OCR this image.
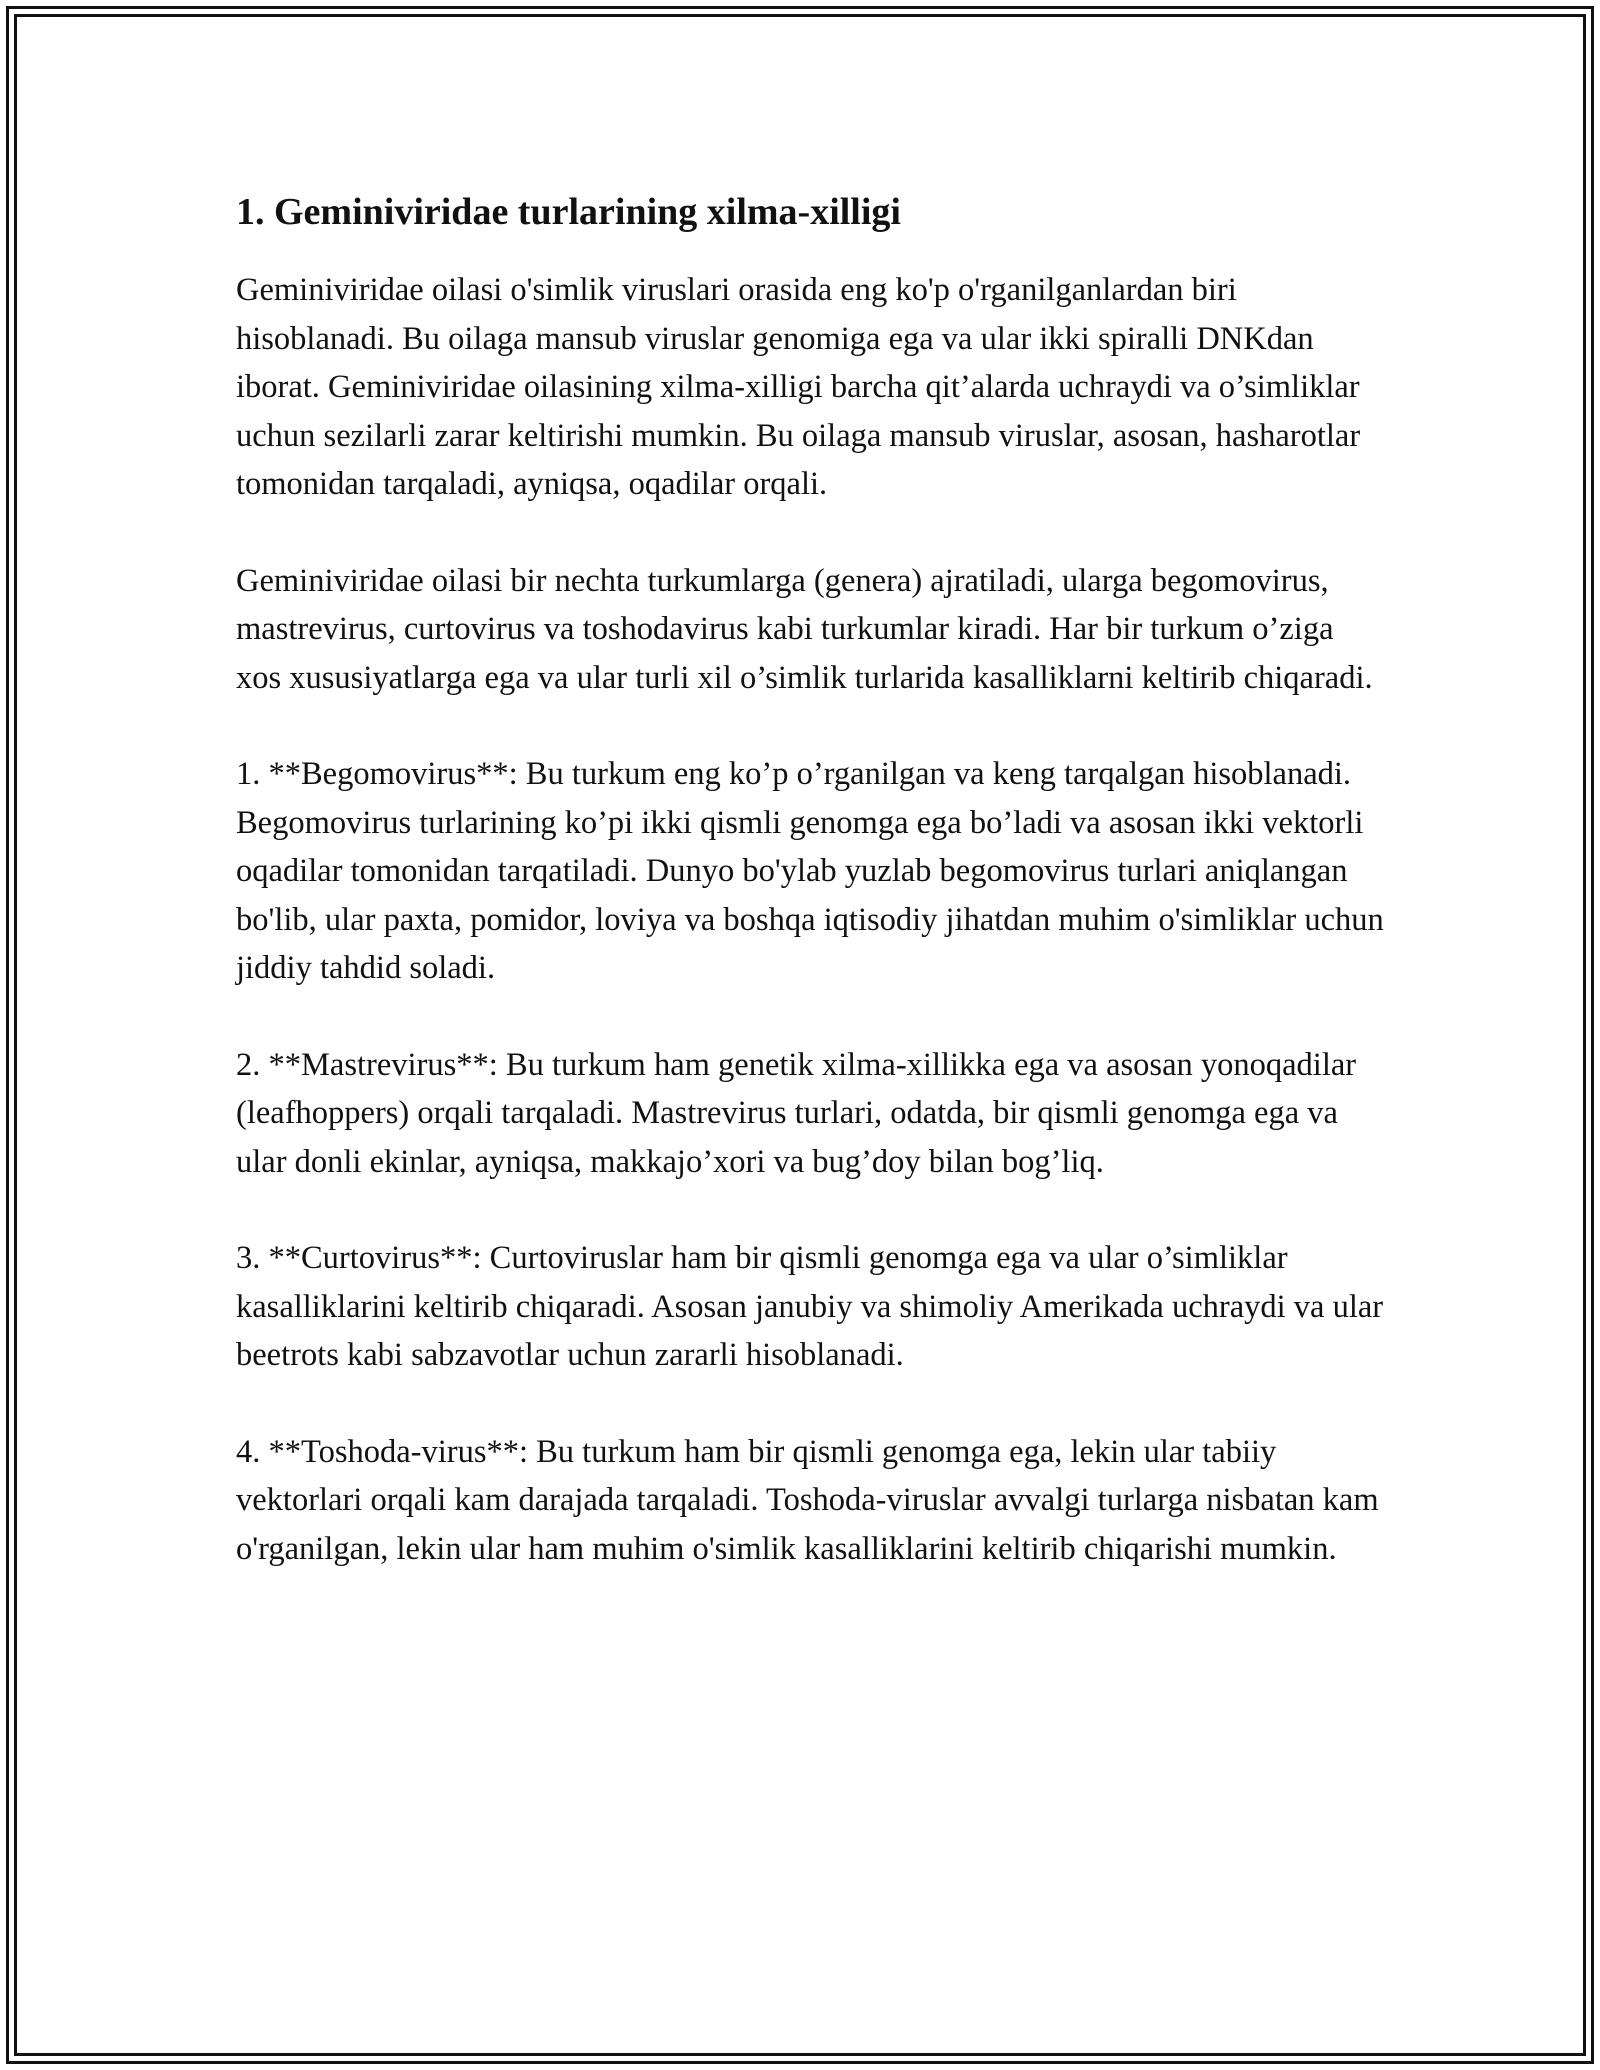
1. Geminiviridae turlarining xilma-xilligi

Geminiviridae oilasi o'simlik viruslari orasida eng ko'p o'rganilganlardan biri hisoblanadi. Bu oilaga mansub viruslar genomiga ega va ular ikki spiralli DNKdan iborat. Geminiviridae oilasining xilma-xilligi barcha qit’alarda uchraydi va o’simliklar uchun sezilarli zarar keltirishi mumkin. Bu oilaga mansub viruslar, asosan, hasharotlar tomonidan tarqaladi, ayniqsa, oqadilar orqali.

Geminiviridae oilasi bir nechta turkumlarga (genera) ajratiladi, ularga begomovirus, mastrevirus, curtovirus va toshodavirus kabi turkumlar kiradi. Har bir turkum o’ziga xos xususiyatlarga ega va ular turli xil o’simlik turlarida kasalliklarni keltirib chiqaradi.

1. **Begomovirus**: Bu turkum eng ko’p o’rganilgan va keng tarqalgan hisoblanadi. Begomovirus turlarining ko’pi ikki qismli genomga ega bo’ladi va asosan ikki vektorli oqadilar tomonidan tarqatiladi. Dunyo bo'ylab yuzlab begomovirus turlari aniqlangan bo'lib, ular paxta, pomidor, loviya va boshqa iqtisodiy jihatdan muhim o'simliklar uchun jiddiy tahdid soladi.

2. **Mastrevirus**: Bu turkum ham genetik xilma-xillikka ega va asosan yonoqadilar (leafhoppers) orqali tarqaladi. Mastrevirus turlari, odatda, bir qismli genomga ega va ular donli ekinlar, ayniqsa, makkajo’xori va bug’doy bilan bog’liq.

3. **Curtovirus**: Curtoviruslar ham bir qismli genomga ega va ular o’simliklar kasalliklarini keltirib chiqaradi. Asosan janubiy va shimoliy Amerikada uchraydi va ular beetrots kabi sabzavotlar uchun zararli hisoblanadi.

4. **Toshoda-virus**: Bu turkum ham bir qismli genomga ega, lekin ular tabiiy vektorlari orqali kam darajada tarqaladi. Toshoda-viruslar avvalgi turlarga nisbatan kam o'rganilgan, lekin ular ham muhim o'simlik kasalliklarini keltirib chiqarishi mumkin.
